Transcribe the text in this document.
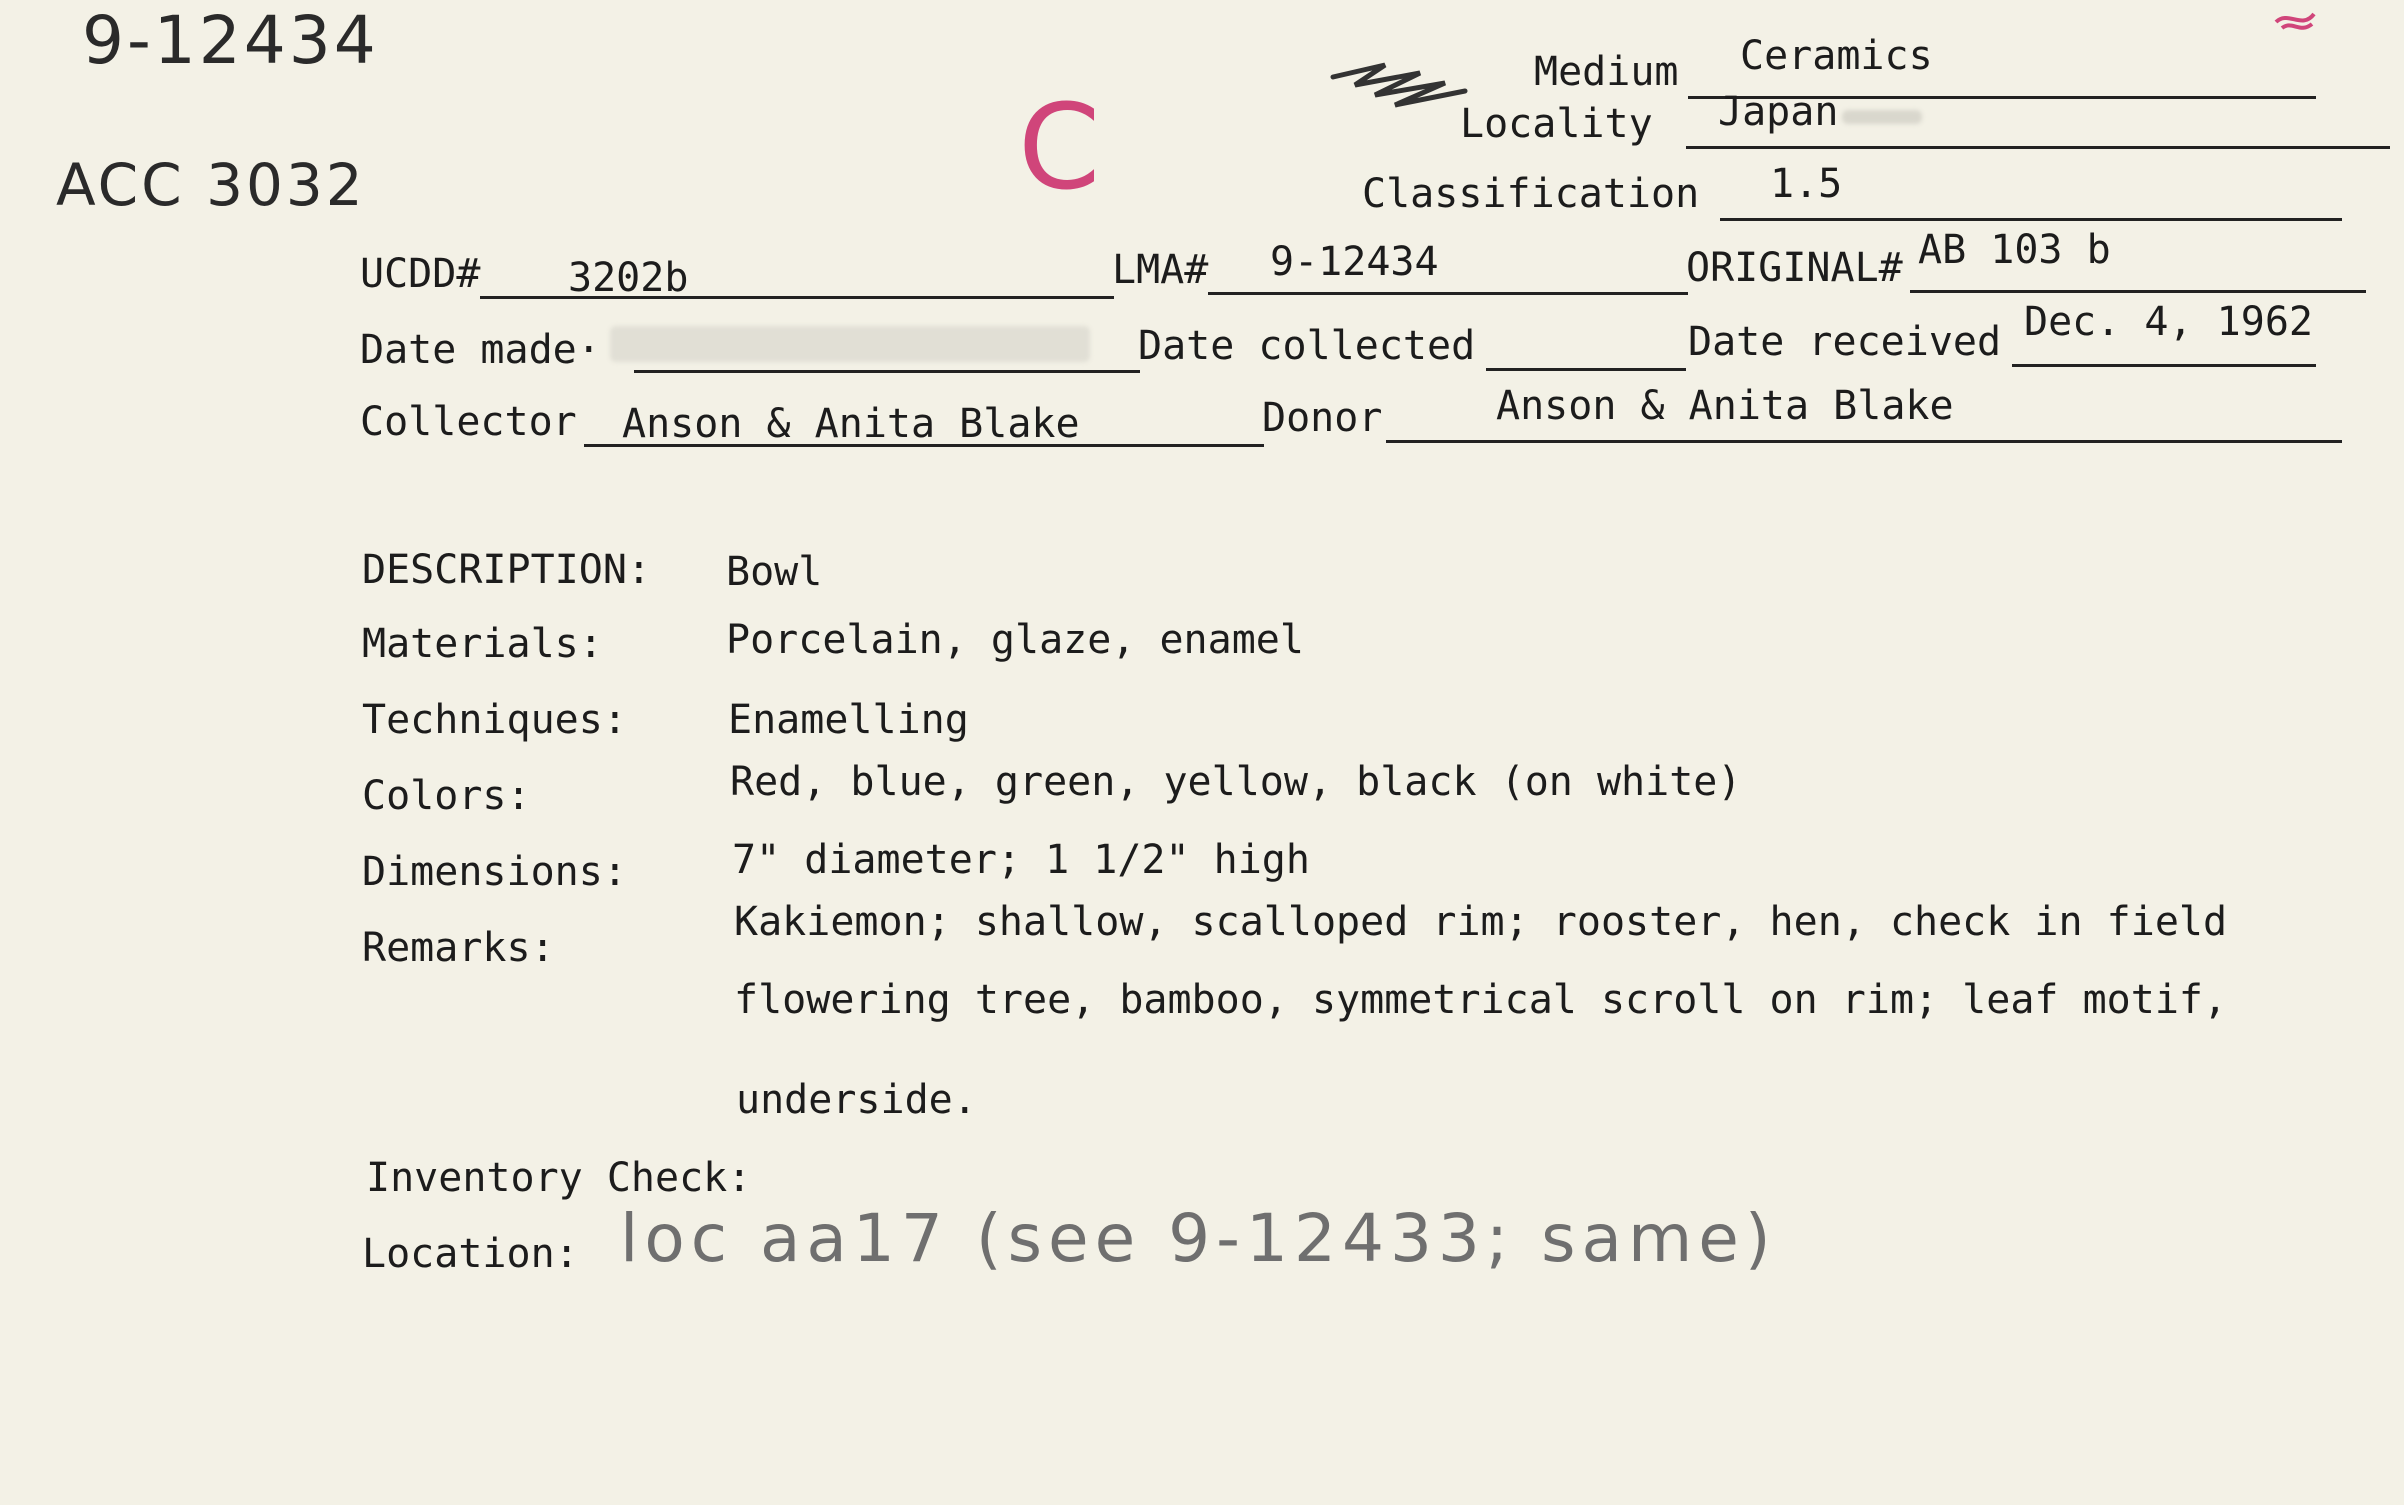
9-12434
ACC 3032	C
Medium Ceramics
Locality Japan
Classification 1.5
UCDD# 3202b	LMA# 9-12434	ORIGINAL# AB 103 b
Date made·	Date collected	Date received Dec. 4, 1962
Collector Anson & Anita Blake	Donor	Anson & Anita Blake
DESCRIPTION: Bowl
Materials:	Porcelain, glaze, enamel
Techniques:	Enamelling
Colors:	Red, blue, green, yellow, black (on white)
Dimensions:	7" diameter; 1 1/2" high
Remarks:
Kakiemon; shallow, scalloped rim; rooster, hen, check in field
flowering tree, bamboo, symmetrical scroll on rim; leaf motif,
underside.
Inventory Check:
Location: loc aa17 (see 9-12433; same)
